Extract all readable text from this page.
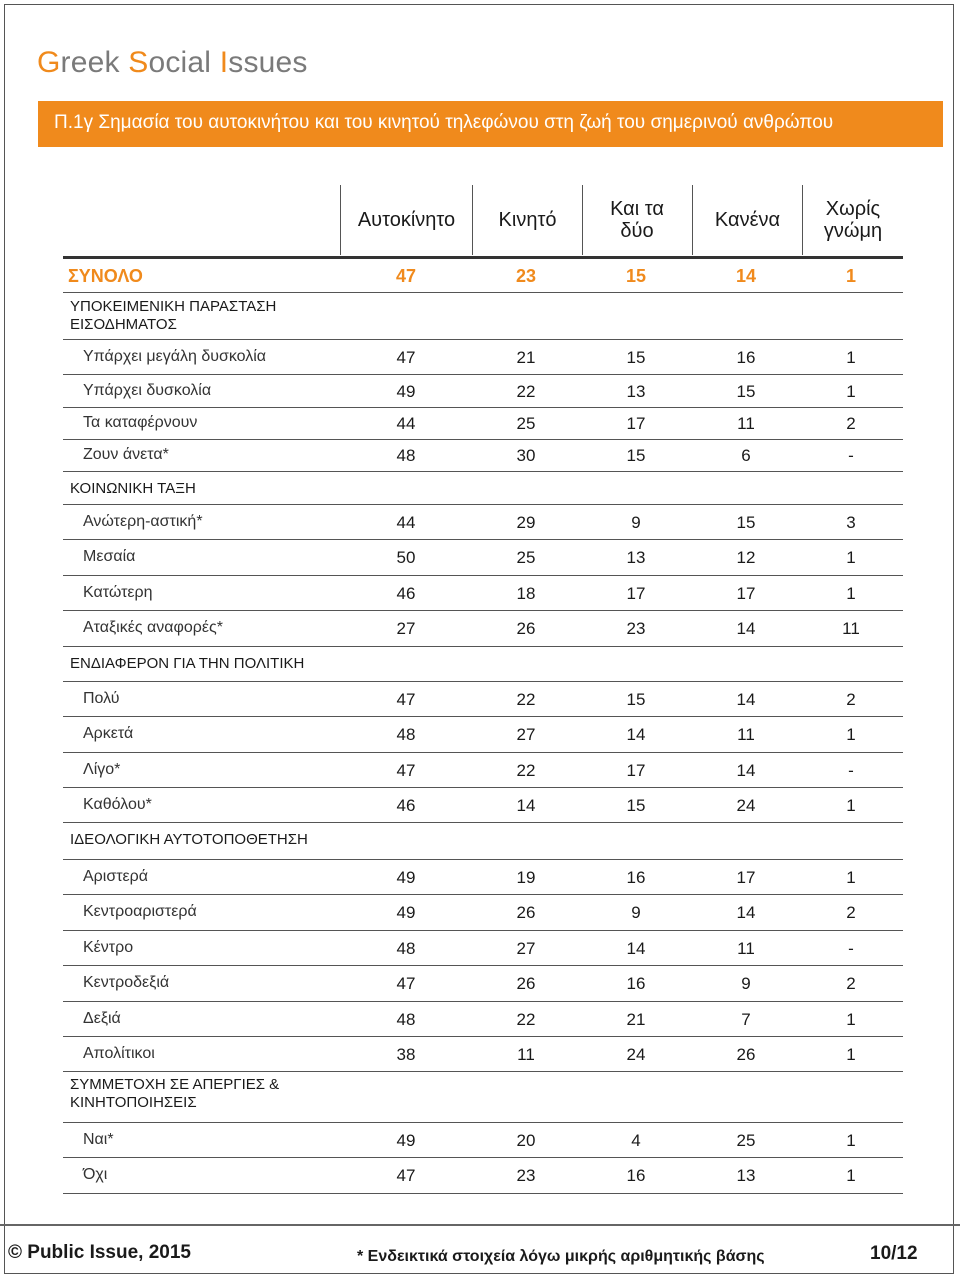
Greek Social Issues
Π.1γ Σημασία του αυτοκινήτου και του κινητού τηλεφώνου στη ζωή του σημερινού ανθρώπου
Αυτοκίνητο	Κινητό	Και τα δύο	Κανένα	Χωρίς γνώμη
ΣΥΝΟΛΟ	47	23	15	14	1
ΥΠΟΚΕΙΜΕΝΙΚΗ ΠΑΡΑΣΤΑΣΗ ΕΙΣΟΔΗΜΑΤΟΣ
Υπάρχει μεγάλη δυσκολία	47	21	15	16	1
Υπάρχει δυσκολία	49	22	13	15	1
Τα καταφέρνουν	44	25	17	11	2
Ζουν άνετα*	48	30	15	6	-
ΚΟΙΝΩΝΙΚΗ ΤΑΞΗ
Ανώτερη-αστική*	44	29	9	15	3
Μεσαία	50	25	13	12	1
Κατώτερη	46	18	17	17	1
Αταξικές αναφορές*	27	26	23	14	11
ΕΝΔΙΑΦΕΡΟΝ ΓΙΑ ΤΗΝ ΠΟΛΙΤΙΚΗ
Πολύ	47	22	15	14	2
Αρκετά	48	27	14	11	1
Λίγο*	47	22	17	14	-
Καθόλου*	46	14	15	24	1
ΙΔΕΟΛΟΓΙΚΗ ΑΥΤΟΤΟΠΟΘΕΤΗΣΗ
Αριστερά	49	19	16	17	1
Κεντροαριστερά	49	26	9	14	2
Κέντρο	48	27	14	11	-
Κεντροδεξιά	47	26	16	9	2
Δεξιά	48	22	21	7	1
Απολίτικοι	38	11	24	26	1
ΣΥΜΜΕΤΟΧΗ ΣΕ ΑΠΕΡΓΙΕΣ & ΚΙΝΗΤΟΠΟΙΗΣΕΙΣ
Ναι*	49	20	4	25	1
Όχι	47	23	16	13	1
© Public Issue, 2015	* Ενδεικτικά στοιχεία λόγω μικρής αριθμητικής βάσης	10/12
